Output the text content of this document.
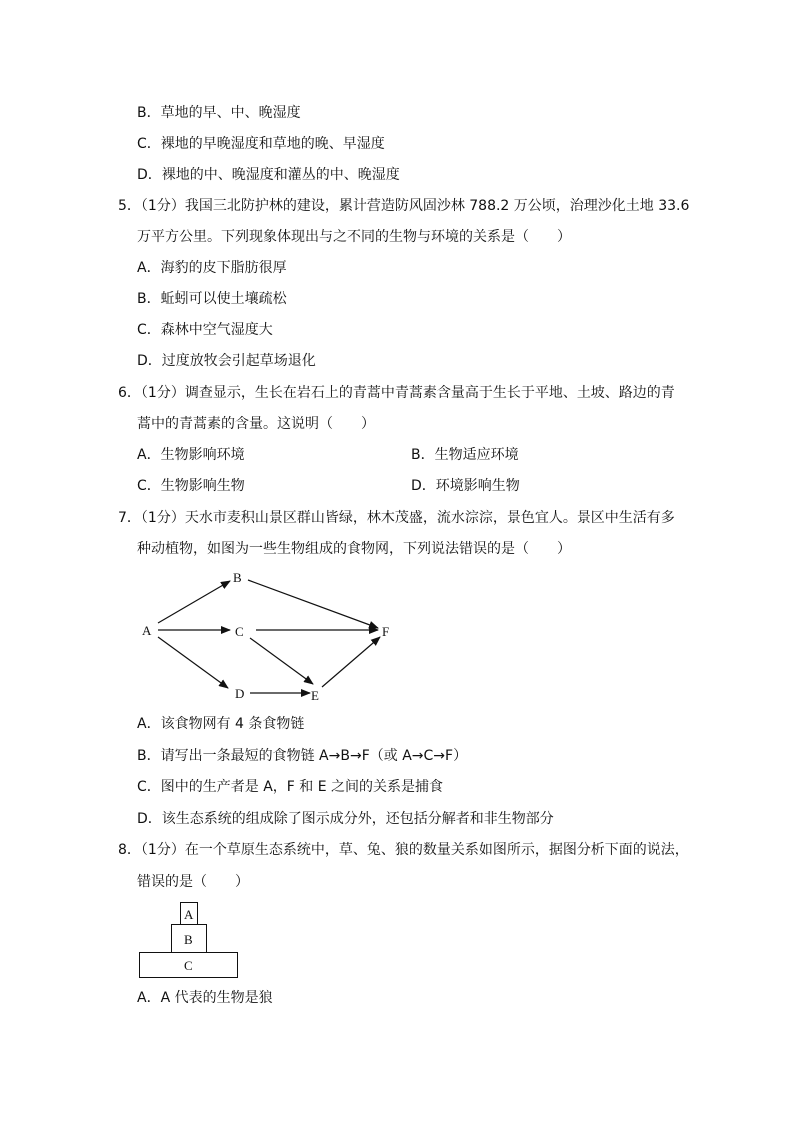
B．草地的早、中、晚湿度
C．裸地的早晚湿度和草地的晚、早湿度
D．裸地的中、晚湿度和灌丛的中、晚湿度
5．（1分）我国三北防护林的建设，累计营造防风固沙林 788.2 万公顷，治理沙化土地 33.6
万平方公里。下列现象体现出与之不同的生物与环境的关系是（　　）
A．海豹的皮下脂肪很厚
B．蚯蚓可以使土壤疏松
C．森林中空气湿度大
D．过度放牧会引起草场退化
6．（1分）调查显示，生长在岩石上的青蒿中青蒿素含量高于生长于平地、土坡、路边的青
蒿中的青蒿素的含量。这说明（　　）
A．生物影响环境	B．生物适应环境
C．生物影响生物	D．环境影响生物
7．（1分）天水市麦积山景区群山皆绿，林木茂盛，流水淙淙，景色宜人。景区中生活有多
种动植物，如图为一些生物组成的食物网，下列说法错误的是（　　）
A
B
C
D	E
F
A．该食物网有 4 条食物链
B．请写出一条最短的食物链 A→B→F（或 A→C→F）
C．图中的生产者是 A，F 和 E 之间的关系是捕食
D．该生态系统的组成除了图示成分外，还包括分解者和非生物部分
8．（1分）在一个草原生态系统中，草、兔、狼的数量关系如图所示，据图分析下面的说法，
错误的是（　　）
A
B
C
A．A 代表的生物是狼
